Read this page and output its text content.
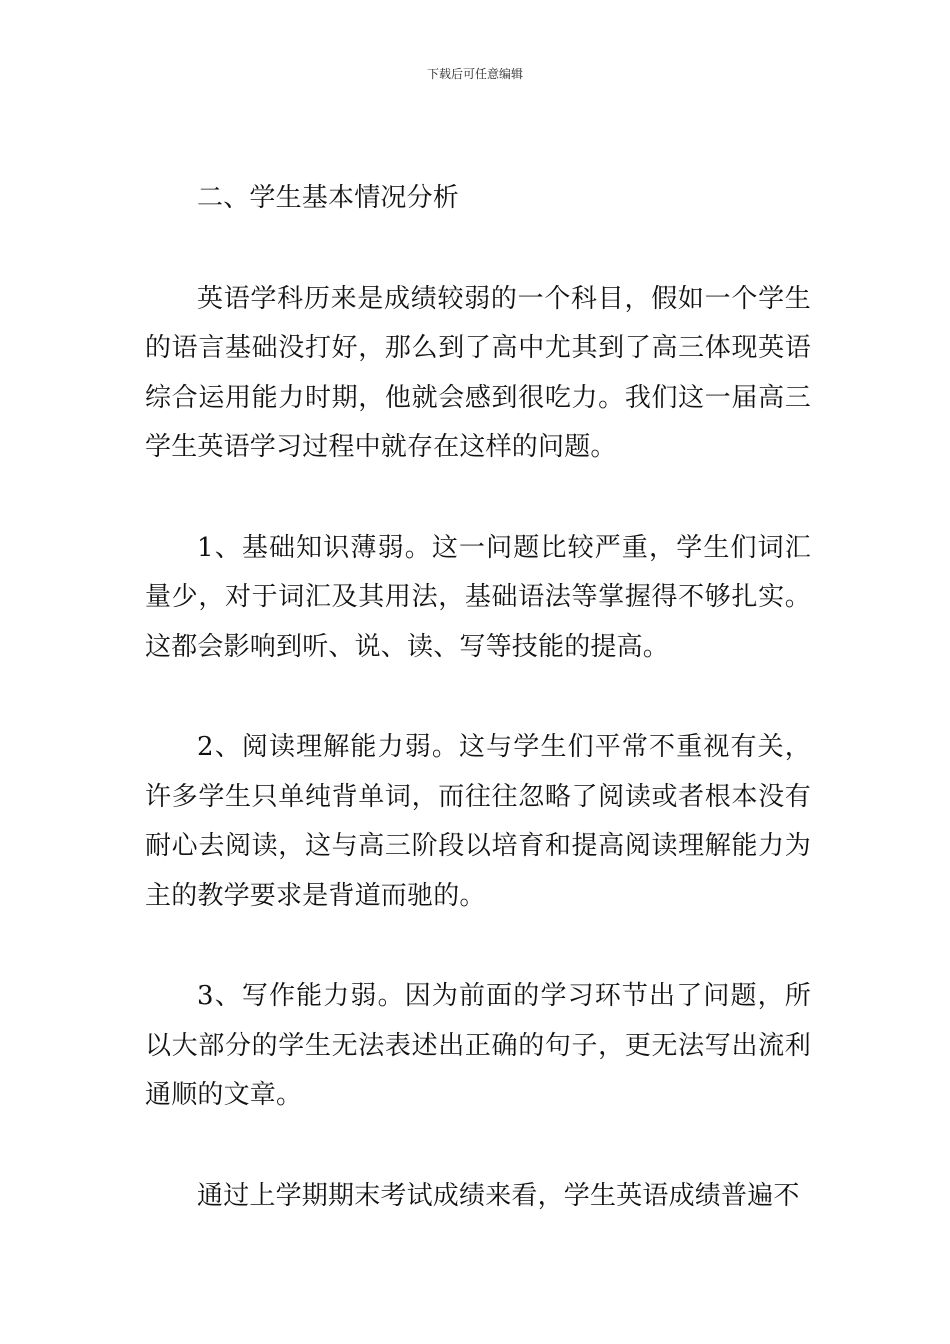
下载后可任意编辑

二、学生基本情况分析

英语学科历来是成绩较弱的一个科目，假如一个学生的语言基础没打好，那么到了高中尤其到了高三体现英语综合运用能力时期，他就会感到很吃力。我们这一届高三学生英语学习过程中就存在这样的问题。

1、基础知识薄弱。这一问题比较严重，学生们词汇量少，对于词汇及其用法，基础语法等掌握得不够扎实。这都会影响到听、说、读、写等技能的提高。

2、阅读理解能力弱。这与学生们平常不重视有关，许多学生只单纯背单词，而往往忽略了阅读或者根本没有耐心去阅读，这与高三阶段以培育和提高阅读理解能力为主的教学要求是背道而驰的。

3、写作能力弱。因为前面的学习环节出了问题，所以大部分的学生无法表述出正确的句子，更无法写出流利通顺的文章。

通过上学期期末考试成绩来看，学生英语成绩普遍不
